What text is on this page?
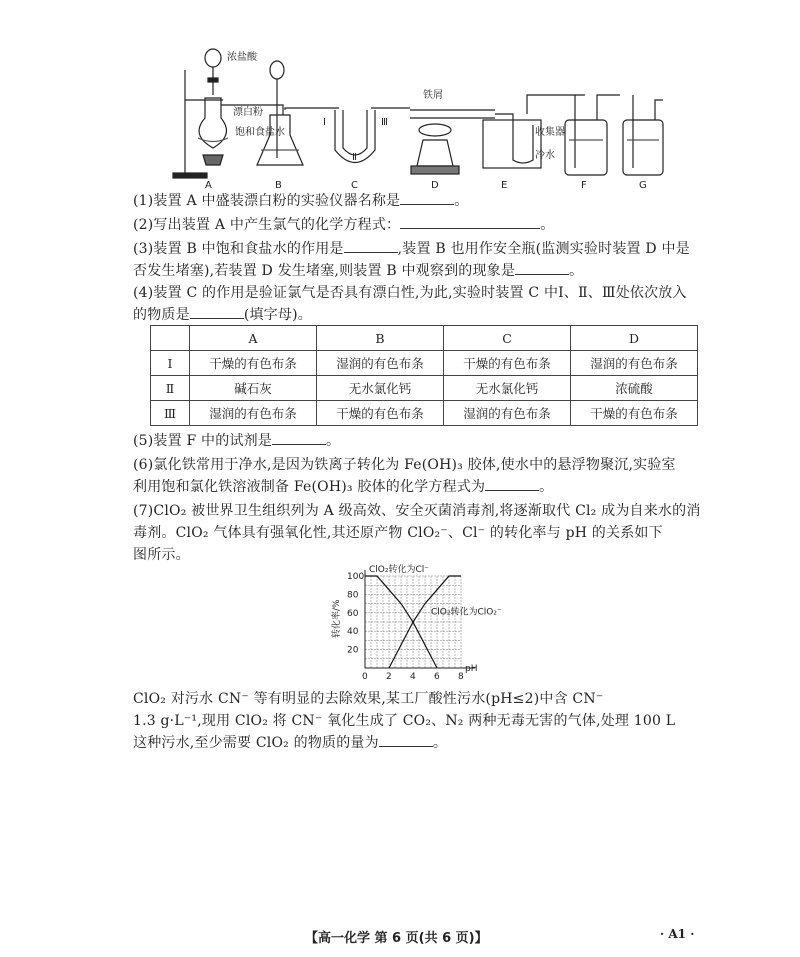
浓盐酸
漂白粉
饱和食盐水
铁屑
收集器
冷水
Ⅰ
Ⅱ
Ⅲ
A	B	C	D	E	F	G
(1)装置 A 中盛装漂白粉的实验仪器名称是	。
(2)写出装置 A 中产生氯气的化学方程式：	。
(3)装置 B 中饱和食盐水的作用是	,装置 B 也用作安全瓶(监测实验时装置 D 中是
否发生堵塞),若装置 D 发生堵塞,则装置 B 中观察到的现象是	。
(4)装置 C 的作用是验证氯气是否具有漂白性,为此,实验时装置 C 中Ⅰ、Ⅱ、Ⅲ处依次放入
的物质是	(填字母)。
	A	B	C	D
Ⅰ	干燥的有色布条	湿润的有色布条	干燥的有色布条	湿润的有色布条
Ⅱ	碱石灰	无水氯化钙	无水氯化钙	浓硫酸
Ⅲ	湿润的有色布条	干燥的有色布条	湿润的有色布条	干燥的有色布条
(5)装置 F 中的试剂是	。
(6)氯化铁常用于净水,是因为铁离子转化为 Fe(OH)₃ 胶体,使水中的悬浮物聚沉,实验室
利用饱和氯化铁溶液制备 Fe(OH)₃ 胶体的化学方程式为	。
(7)ClO₂ 被世界卫生组织列为 A 级高效、安全灭菌消毒剂,将逐渐取代 Cl₂ 成为自来水的消
毒剂。ClO₂ 气体具有强氧化性,其还原产物 ClO₂⁻、Cl⁻ 的转化率与 pH 的关系如下
图所示。
0 2 4 6 8
20
40
60
80
100
pH
转化率/%
ClO₂转化为Cl⁻
ClO₂转化为ClO₂⁻
ClO₂ 对污水 CN⁻ 等有明显的去除效果,某工厂酸性污水(pH≤2)中含 CN⁻
1.3 g·L⁻¹,现用 ClO₂ 将 CN⁻ 氧化生成了 CO₂、N₂ 两种无毒无害的气体,处理 100 L
这种污水,至少需要 ClO₂ 的物质的量为	。
【高一化学 第 6 页(共 6 页)】	· A1 ·
